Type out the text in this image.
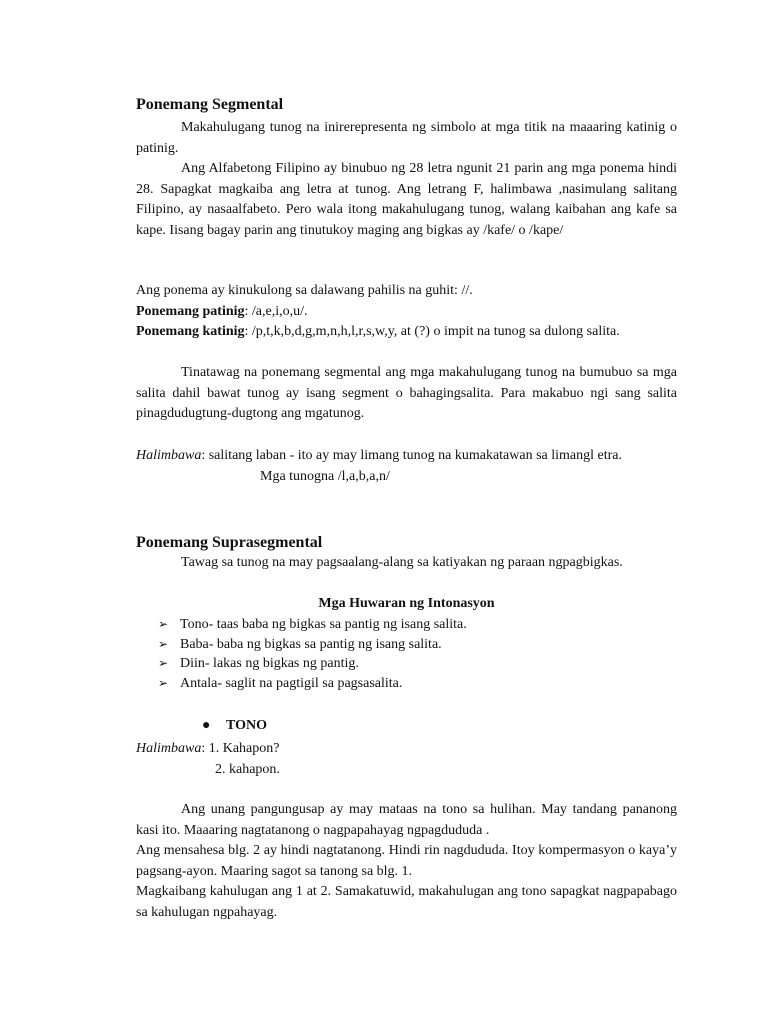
Ponemang Segmental

Makahulugang tunog na inirerepresenta ng simbolo at mga titik na maaaring katinig o patinig.

Ang Alfabetong Filipino ay binubuo ng 28 letra ngunit 21 parin ang mga ponema hindi 28. Sapagkat magkaiba ang letra at tunog. Ang letrang F, halimbawa ,nasimulang salitang Filipino, ay nasaalfabeto. Pero wala itong makahulugang tunog, walang kaibahan ang kafe sa kape. Iisang bagay parin ang tinutukoy maging ang bigkas ay /kafe/ o /kape/

Ang ponema ay kinukulong sa dalawang pahilis na guhit: //.

Ponemang patinig: /a,e,i,o,u/.

Ponemang katinig: /p,t,k,b,d,g,m,n,h,l,r,s,w,y, at (?) o impit na tunog sa dulong salita.

Tinatawag na ponemang segmental ang mga makahulugang tunog na bumubuo sa mga salita dahil bawat tunog ay isang segment o bahagingsalita. Para makabuo ngi sang salita pinagdudugtung-dugtong ang mgatunog.

Halimbawa: salitang laban - ito ay may limang tunog na kumakatawan sa limangl etra.

Mga tunogna /l,a,b,a,n/

Ponemang Suprasegmental

Tawag sa tunog na may pagsaalang-alang sa katiyakan ng paraan ngpagbigkas.

Mga Huwaran ng Intonasyon
➢ Tono- taas baba ng bigkas sa pantig ng isang salita.
➢ Baba- baba ng bigkas sa pantig ng isang salita.
➢ Diin- lakas ng bigkas ng pantig.
➢ Antala- saglit na pagtigil sa pagsasalita.
● TONO

Halimbawa: 1. Kahapon?

2. kahapon.

Ang unang pangungusap ay may mataas na tono sa hulihan. May tandang pananong kasi ito. Maaaring nagtatanong o nagpapahayag ngpagdududa .

Ang mensahesa blg. 2 ay hindi nagtatanong. Hindi rin nagdududa. Itoy kompermasyon o kaya’y pagsang-ayon. Maaring sagot sa tanong sa blg. 1.

Magkaibang kahulugan ang 1 at 2. Samakatuwid, makahulugan ang tono sapagkat nagpapabago sa kahulugan ngpahayag.
